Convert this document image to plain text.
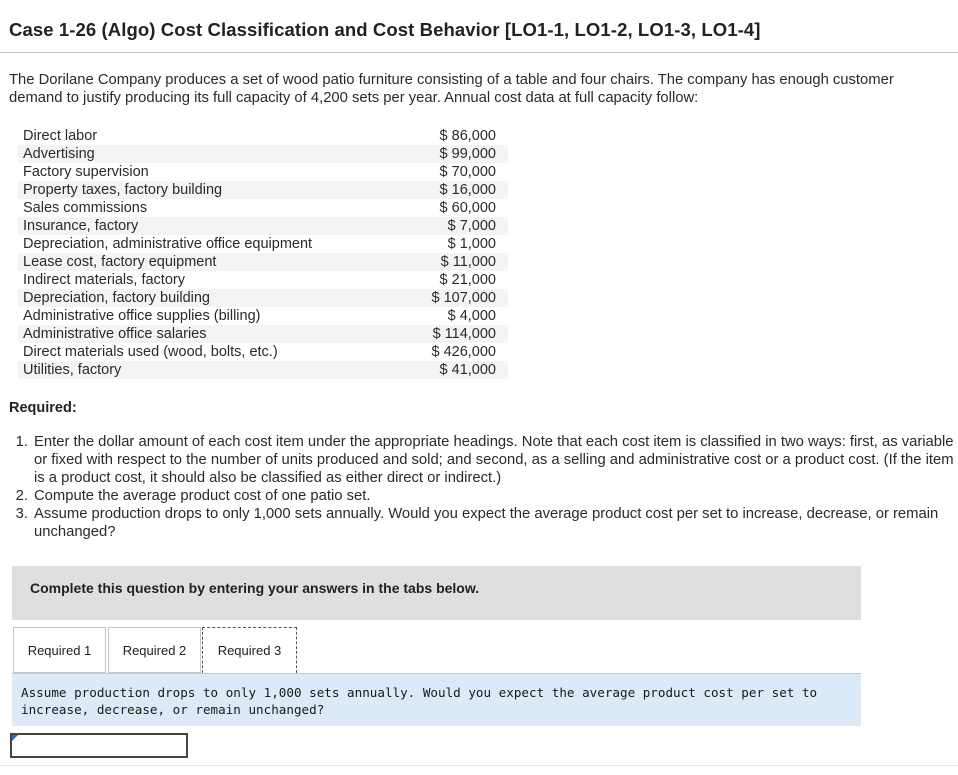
Case 1-26 (Algo) Cost Classification and Cost Behavior [LO1-1, LO1-2, LO1-3, LO1-4]
The Dorilane Company produces a set of wood patio furniture consisting of a table and four chairs. The company has enough customer demand to justify producing its full capacity of 4,200 sets per year. Annual cost data at full capacity follow:
Direct labor	$ 86,000
Advertising	$ 99,000
Factory supervision	$ 70,000
Property taxes, factory building	$ 16,000
Sales commissions	$ 60,000
Insurance, factory	$ 7,000
Depreciation, administrative office equipment	$ 1,000
Lease cost, factory equipment	$ 11,000
Indirect materials, factory	$ 21,000
Depreciation, factory building	$ 107,000
Administrative office supplies (billing)	$ 4,000
Administrative office salaries	$ 114,000
Direct materials used (wood, bolts, etc.)	$ 426,000
Utilities, factory	$ 41,000
Required:
1. Enter the dollar amount of each cost item under the appropriate headings. Note that each cost item is classified in two ways: first, as variable or fixed with respect to the number of units produced and sold; and second, as a selling and administrative cost or a product cost. (If the item is a product cost, it should also be classified as either direct or indirect.)
2. Compute the average product cost of one patio set.
3. Assume production drops to only 1,000 sets annually. Would you expect the average product cost per set to increase, decrease, or remain unchanged?
Complete this question by entering your answers in the tabs below.
Required 1	Required 2	Required 3
Assume production drops to only 1,000 sets annually. Would you expect the average product cost per set to increase, decrease, or remain unchanged?
